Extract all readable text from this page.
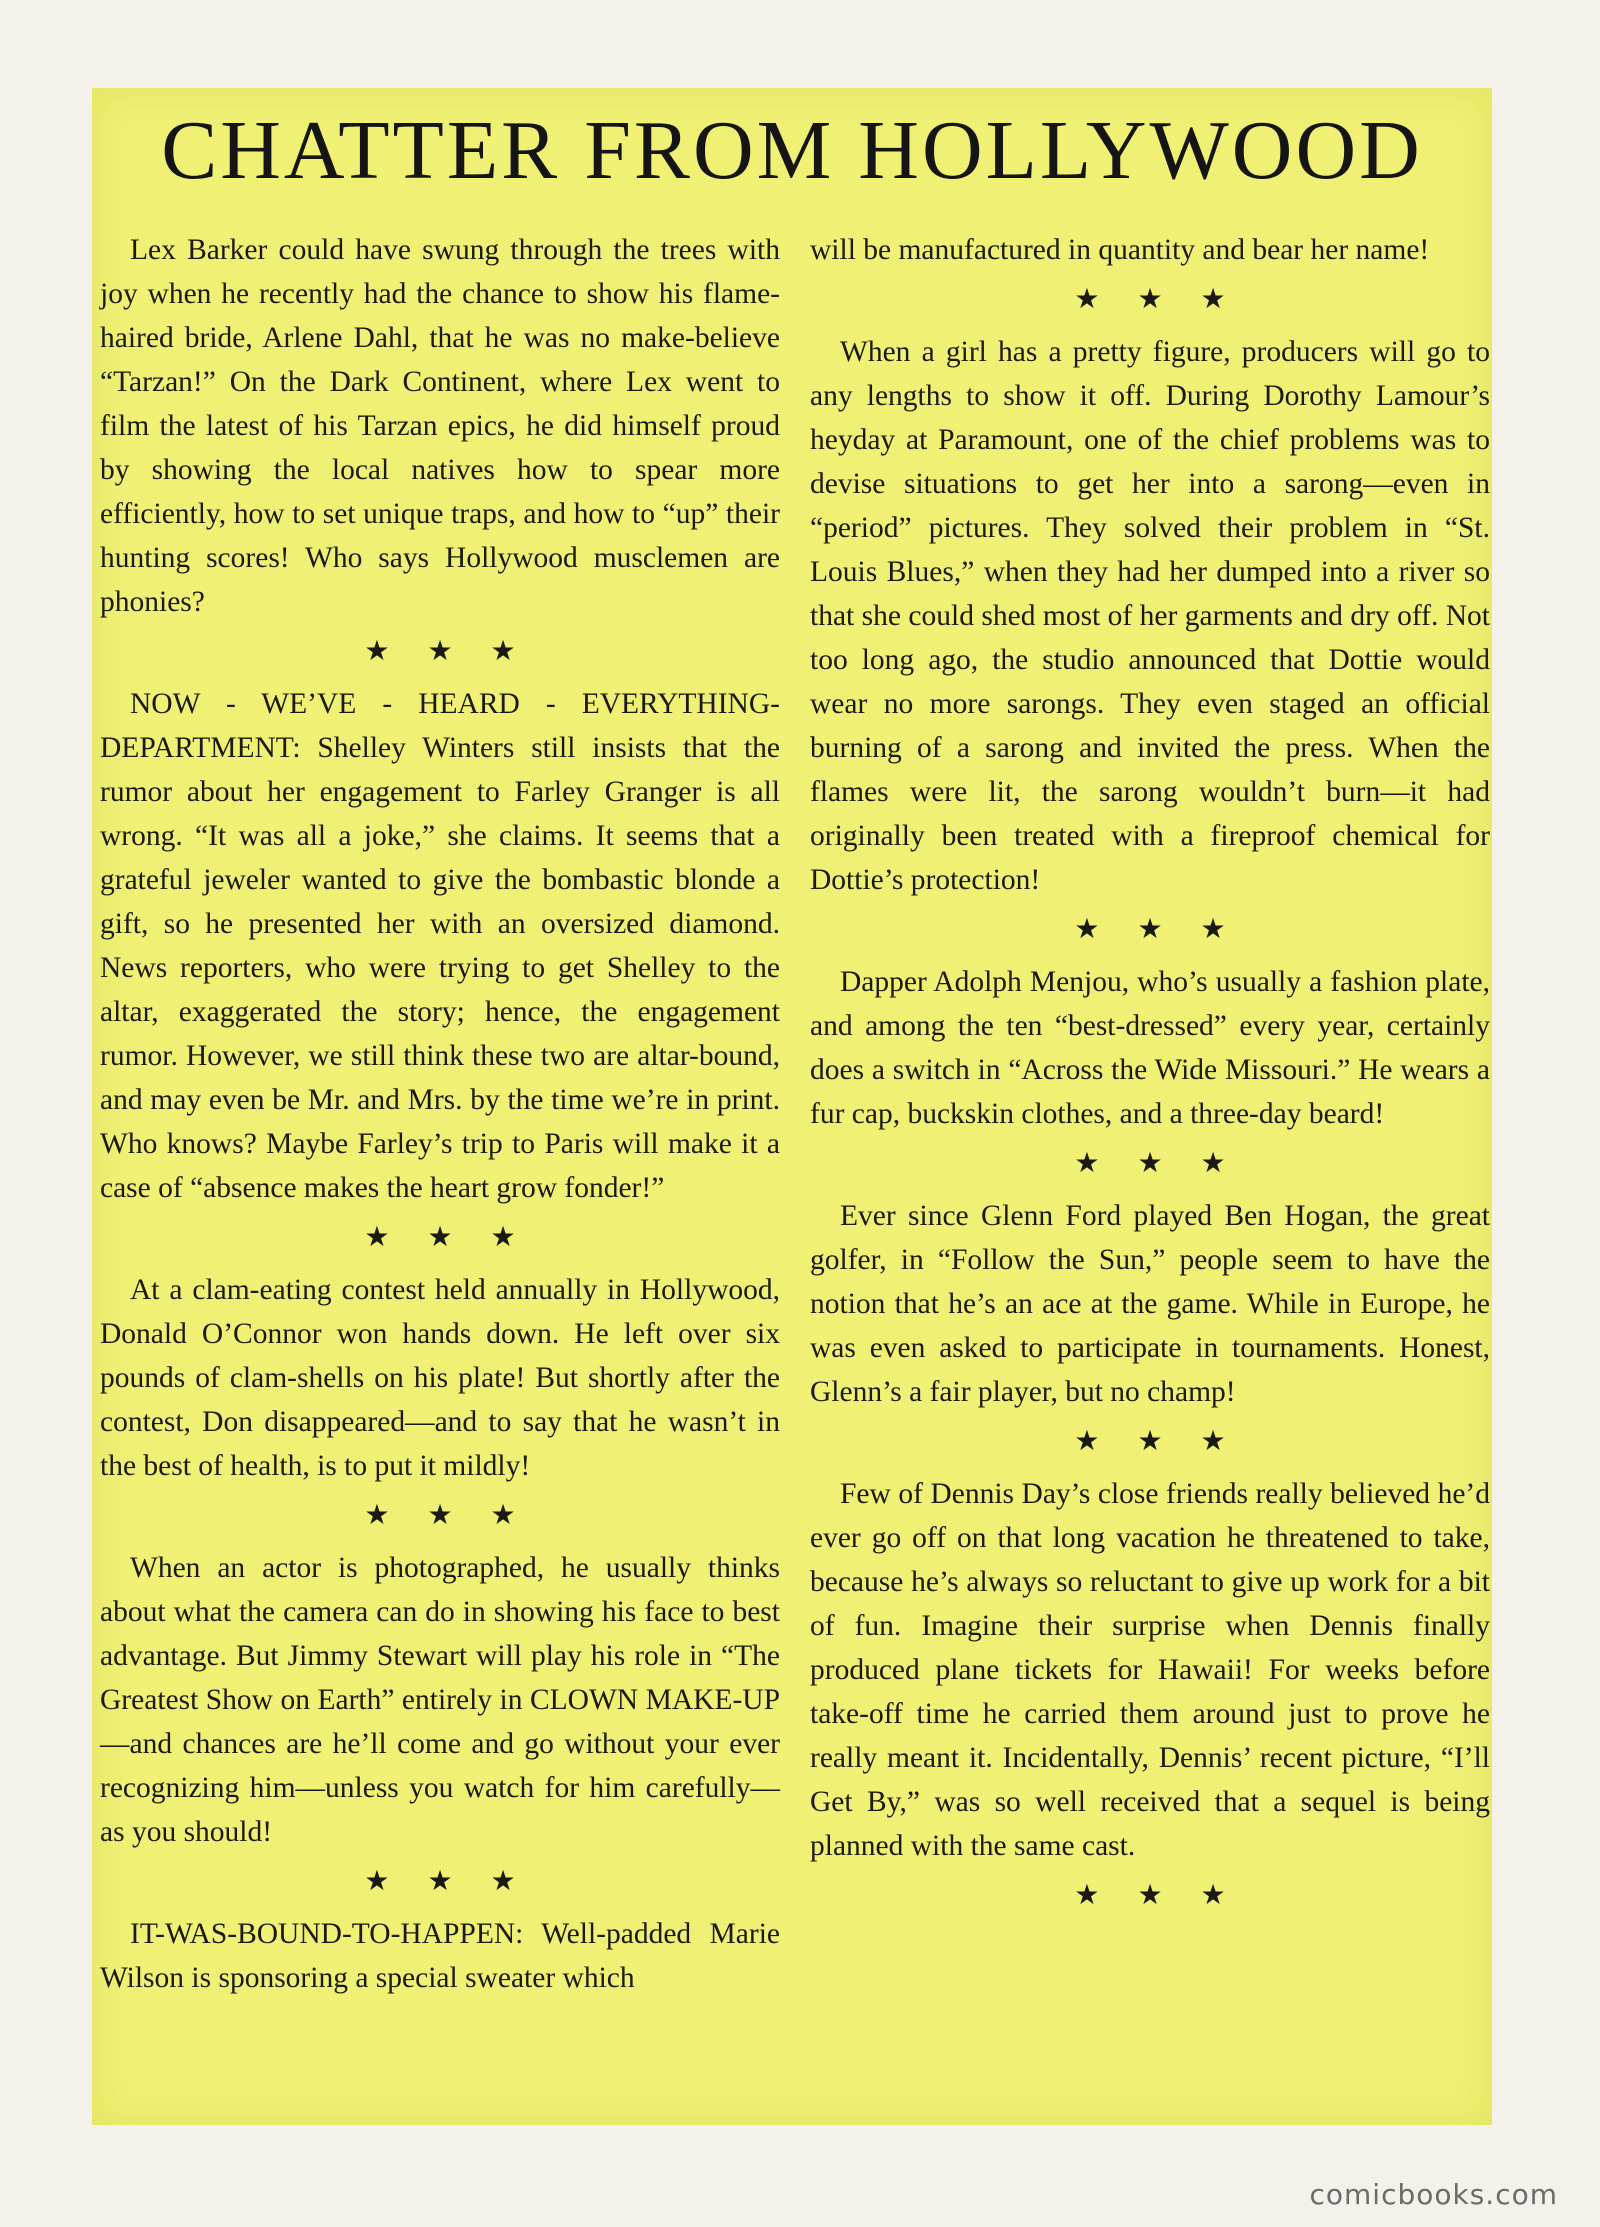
CHATTER FROM HOLLYWOOD

Lex Barker could have swung through the trees with joy when he recently had the chance to show his flame-haired bride, Arlene Dahl, that he was no make-believe “Tarzan!” On the Dark Continent, where Lex went to film the latest of his Tarzan epics, he did himself proud by showing the local natives how to spear more efficiently, how to set unique traps, and how to “up” their hunting scores! Who says Hollywood musclemen are phonies?

★★★

NOW - WE’VE - HEARD - EVERYTHING-DEPARTMENT: Shelley Winters still insists that the rumor about her engagement to Farley Granger is all wrong. “It was all a joke,” she claims. It seems that a grateful jeweler wanted to give the bombastic blonde a gift, so he presented her with an oversized diamond. News reporters, who were trying to get Shelley to the altar, exaggerated the story; hence, the engagement rumor. However, we still think these two are altar-bound, and may even be Mr. and Mrs. by the time we’re in print. Who knows? Maybe Farley’s trip to Paris will make it a case of “absence makes the heart grow fonder!”

★★★

At a clam-eating contest held annually in Hollywood, Donald O’Connor won hands down. He left over six pounds of clam-shells on his plate! But shortly after the contest, Don disappeared—and to say that he wasn’t in the best of health, is to put it mildly!

★★★

When an actor is photographed, he usually thinks about what the camera can do in showing his face to best advantage. But Jimmy Stewart will play his role in “The Greatest Show on Earth” entirely in CLOWN MAKE-UP—and chances are he’ll come and go without your ever recognizing him—unless you watch for him carefully—as you should!

★★★

IT-WAS-BOUND-TO-HAPPEN: Well-padded Marie Wilson is sponsoring a special sweater which

will be manufactured in quantity and bear her name!

★★★

When a girl has a pretty figure, producers will go to any lengths to show it off. During Dorothy Lamour’s heyday at Paramount, one of the chief problems was to devise situations to get her into a sarong—even in “period” pictures. They solved their problem in “St. Louis Blues,” when they had her dumped into a river so that she could shed most of her garments and dry off. Not too long ago, the studio announced that Dottie would wear no more sarongs. They even staged an official burning of a sarong and invited the press. When the flames were lit, the sarong wouldn’t burn—it had originally been treated with a fireproof chemical for Dottie’s protection!

★★★

Dapper Adolph Menjou, who’s usually a fashion plate, and among the ten “best-dressed” every year, certainly does a switch in “Across the Wide Missouri.” He wears a fur cap, buckskin clothes, and a three-day beard!

★★★

Ever since Glenn Ford played Ben Hogan, the great golfer, in “Follow the Sun,” people seem to have the notion that he’s an ace at the game. While in Europe, he was even asked to participate in tournaments. Honest, Glenn’s a fair player, but no champ!

★★★

Few of Dennis Day’s close friends really believed he’d ever go off on that long vacation he threatened to take, because he’s always so reluctant to give up work for a bit of fun. Imagine their surprise when Dennis finally produced plane tickets for Hawaii! For weeks before take-off time he carried them around just to prove he really meant it. Incidentally, Dennis’ recent picture, “I’ll Get By,” was so well received that a sequel is being planned with the same cast.

★★★

comicbooks.com
